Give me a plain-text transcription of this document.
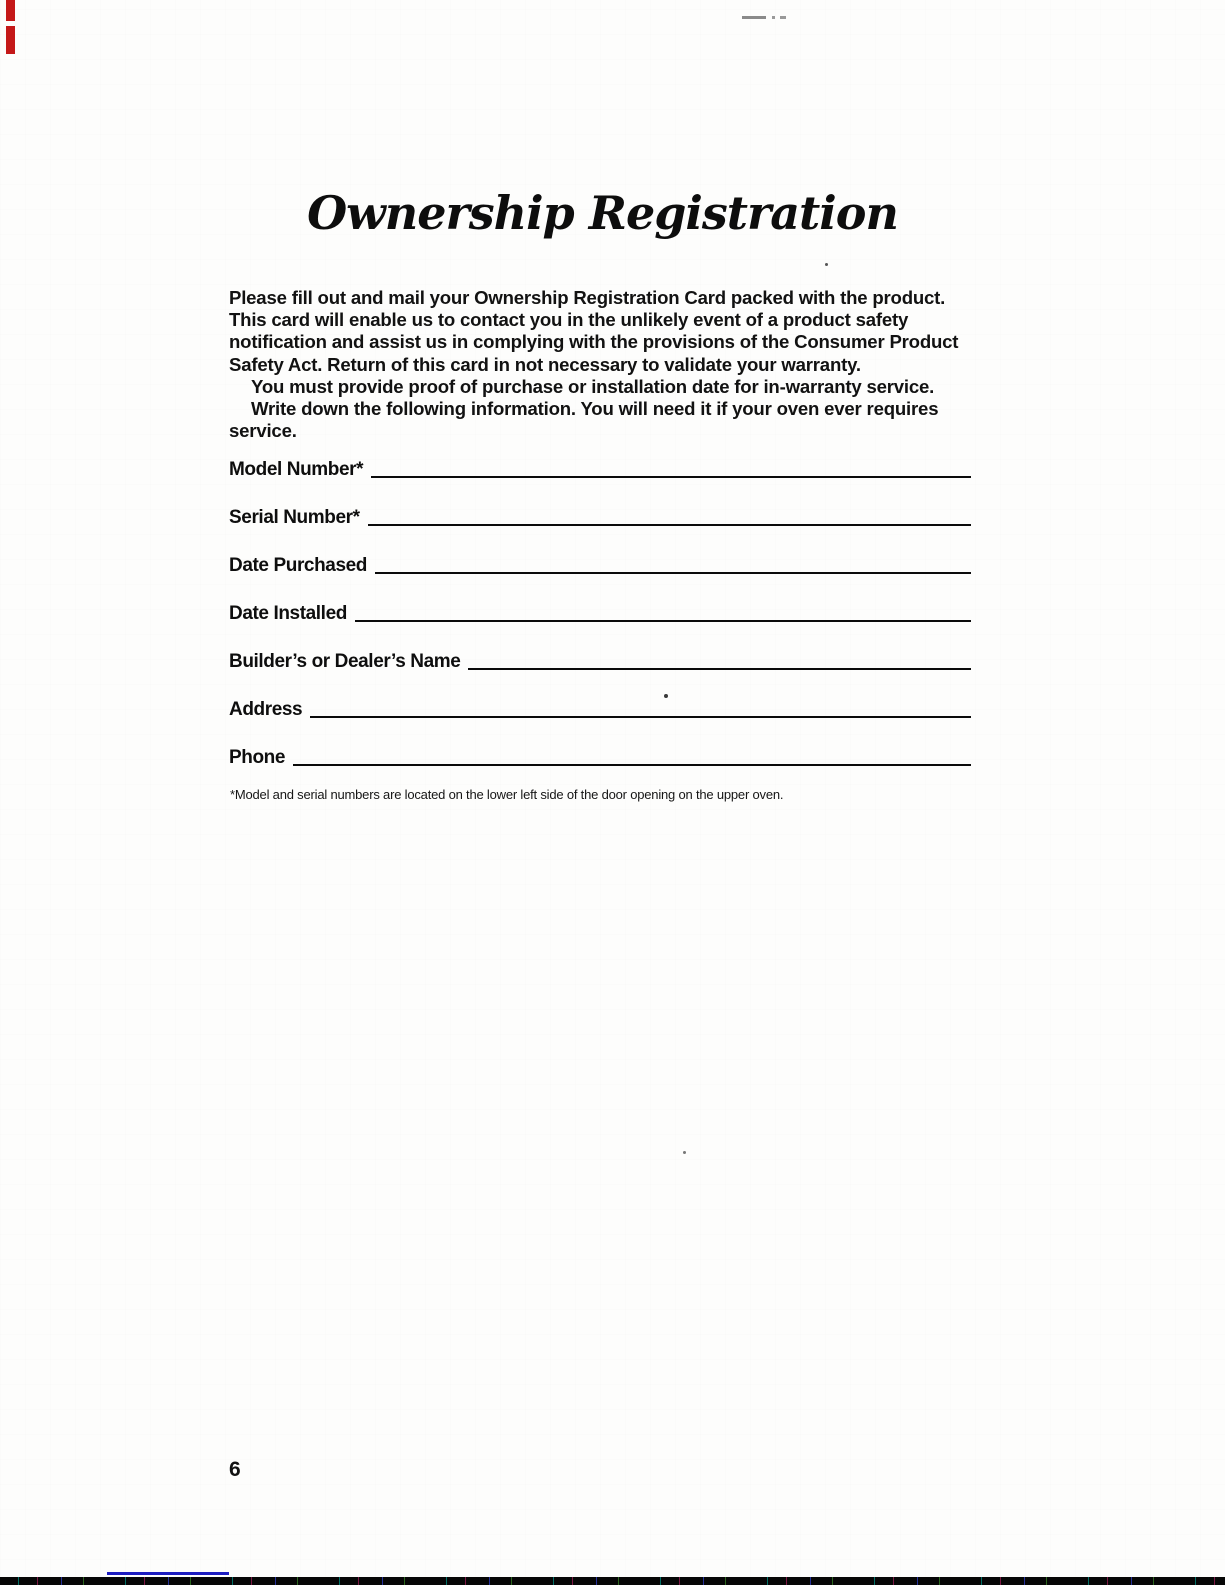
Ownership Registration
Please fill out and mail your Ownership Registration Card packed with the product.
This card will enable us to contact you in the unlikely event of a product safety
notification and assist us in complying with the provisions of the Consumer Product
Safety Act. Return of this card in not necessary to validate your warranty.
You must provide proof of purchase or installation date for in-warranty service.
Write down the following information. You will need it if your oven ever requires
service.
Model Number*
Serial Number*
Date Purchased
Date Installed
Builder’s or Dealer’s Name
Address
Phone
*Model and serial numbers are located on the lower left side of the door opening on the upper oven.
6
